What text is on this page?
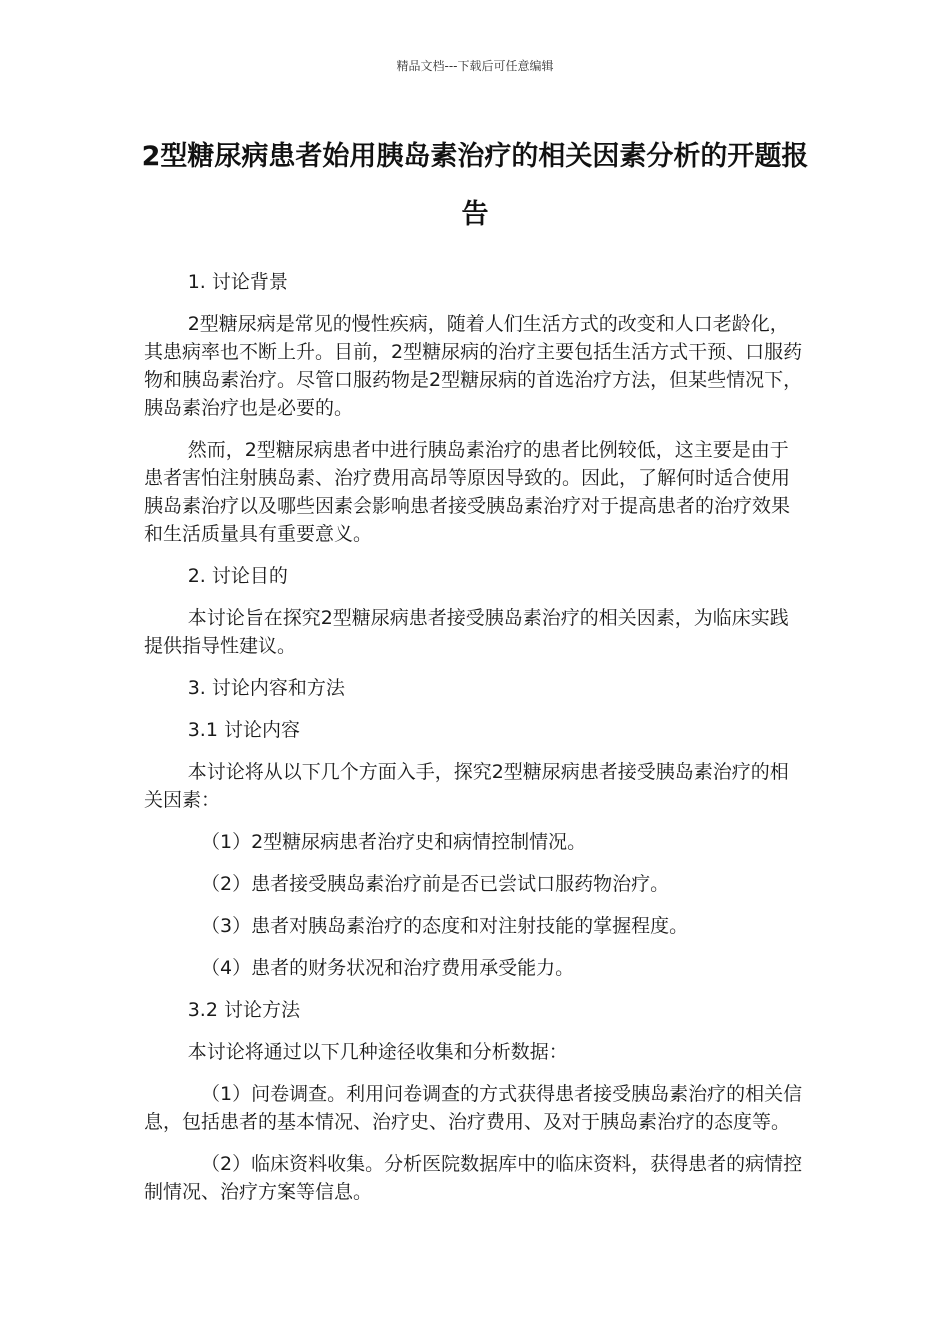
精品文档---下载后可任意编辑
2型糖尿病患者始用胰岛素治疗的相关因素分析的开题报告

1. 讨论背景

2型糖尿病是常见的慢性疾病，随着人们生活方式的改变和人口老龄化，其患病率也不断上升。目前，2型糖尿病的治疗主要包括生活方式干预、口服药物和胰岛素治疗。尽管口服药物是2型糖尿病的首选治疗方法，但某些情况下，胰岛素治疗也是必要的。

然而，2型糖尿病患者中进行胰岛素治疗的患者比例较低，这主要是由于患者害怕注射胰岛素、治疗费用高昂等原因导致的。因此，了解何时适合使用胰岛素治疗以及哪些因素会影响患者接受胰岛素治疗对于提高患者的治疗效果和生活质量具有重要意义。

2. 讨论目的

本讨论旨在探究2型糖尿病患者接受胰岛素治疗的相关因素，为临床实践提供指导性建议。

3. 讨论内容和方法

3.1 讨论内容

本讨论将从以下几个方面入手，探究2型糖尿病患者接受胰岛素治疗的相关因素：

（1）2型糖尿病患者治疗史和病情控制情况。

（2）患者接受胰岛素治疗前是否已尝试口服药物治疗。

（3）患者对胰岛素治疗的态度和对注射技能的掌握程度。

（4）患者的财务状况和治疗费用承受能力。

3.2 讨论方法

本讨论将通过以下几种途径收集和分析数据：

（1）问卷调查。利用问卷调查的方式获得患者接受胰岛素治疗的相关信息，包括患者的基本情况、治疗史、治疗费用、及对于胰岛素治疗的态度等。

（2）临床资料收集。分析医院数据库中的临床资料，获得患者的病情控制情况、治疗方案等信息。
